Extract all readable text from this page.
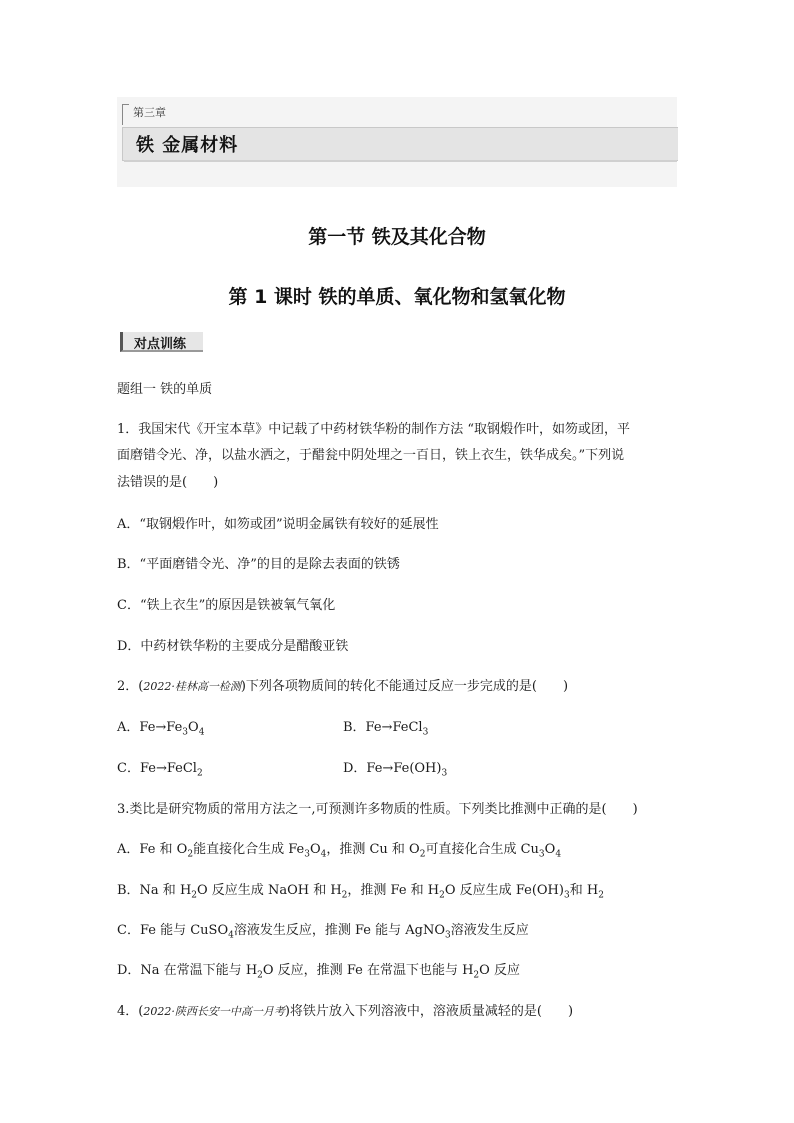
第三章
铁 金属材料
第一节 铁及其化合物
第 1 课时 铁的单质、氧化物和氢氧化物
对点训练
题组一 铁的单质
1．我国宋代《开宝本草》中记载了中药材铁华粉的制作方法 “取钢煅作叶，如笏或团，平
面磨错令光、净，以盐水洒之，于醋瓮中阴处埋之一百日，铁上衣生，铁华成矣。”下列说
法错误的是(　　)
A．“取钢煅作叶，如笏或团”说明金属铁有较好的延展性
B．“平面磨错令光、净”的目的是除去表面的铁锈
C．“铁上衣生”的原因是铁被氧气氧化
D．中药材铁华粉的主要成分是醋酸亚铁
2．(2022·桂林高一检测)下列各项物质间的转化不能通过反应一步完成的是(　　)
A．$Fe\to Fe_3O_4$	B．Fe→FeCl$_3$
C．Fe→FeCl$_2$	D．$Fe\to Fe(OH)_3$
3.类比是研究物质的常用方法之一,可预测许多物质的性质。下列类比推测中正确的是(　　)
A．Fe 和 $O_2$能直接化合生成 $Fe_3O_4$，推测 Cu 和 $O_2$可直接化合生成 $Cu_3O_4$
B．Na 和 $H_2O$ 反应生成 NaOH 和 $H_2$，推测 Fe 和 $H_2O$ 反应生成 $Fe(OH)_3$和 $H_2$
C．Fe 能与 CuSO$_4$溶液发生反应，推测 Fe 能与 AgNO$_3$溶液发生反应
D．Na 在常温下能与 $H_2O$ 反应，推测 Fe 在常温下也能与 $H_2O$ 反应
4．(2022·陕西长安一中高一月考)将铁片放入下列溶液中，溶液质量减轻的是(　　)
